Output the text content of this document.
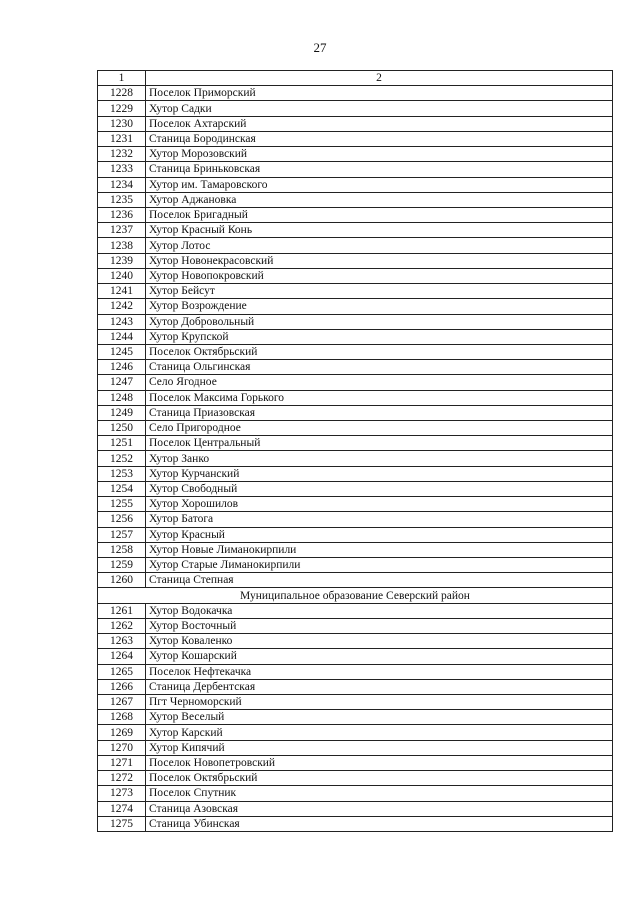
27
1	2
1228	Поселок Приморский
1229	Хутор Садки
1230	Поселок Ахтарский
1231	Станица Бородинская
1232	Хутор Морозовский
1233	Станица Бриньковская
1234	Хутор им. Тамаровского
1235	Хутор Аджановка
1236	Поселок Бригадный
1237	Хутор Красный Конь
1238	Хутор Лотос
1239	Хутор Новонекрасовский
1240	Хутор Новопокровский
1241	Хутор Бейсут
1242	Хутор Возрождение
1243	Хутор Добровольный
1244	Хутор Крупской
1245	Поселок Октябрьский
1246	Станица Ольгинская
1247	Село Ягодное
1248	Поселок Максима Горького
1249	Станица Приазовская
1250	Село Пригородное
1251	Поселок Центральный
1252	Хутор Занко
1253	Хутор Курчанский
1254	Хутор Свободный
1255	Хутор Хорошилов
1256	Хутор Батога
1257	Хутор Красный
1258	Хутор Новые Лиманокирпили
1259	Хутор Старые Лиманокирпили
1260	Станица Степная
Муниципальное образование Северский район	
1261	Хутор Водокачка
1262	Хутор Восточный
1263	Хутор Коваленко
1264	Хутор Кошарский
1265	Поселок Нефтекачка
1266	Станица Дербентская
1267	Пгт Черноморский
1268	Хутор Веселый
1269	Хутор Карский
1270	Хутор Кипячий
1271	Поселок Новопетровский
1272	Поселок Октябрьский
1273	Поселок Спутник
1274	Станица Азовская
1275	Станица Убинская
